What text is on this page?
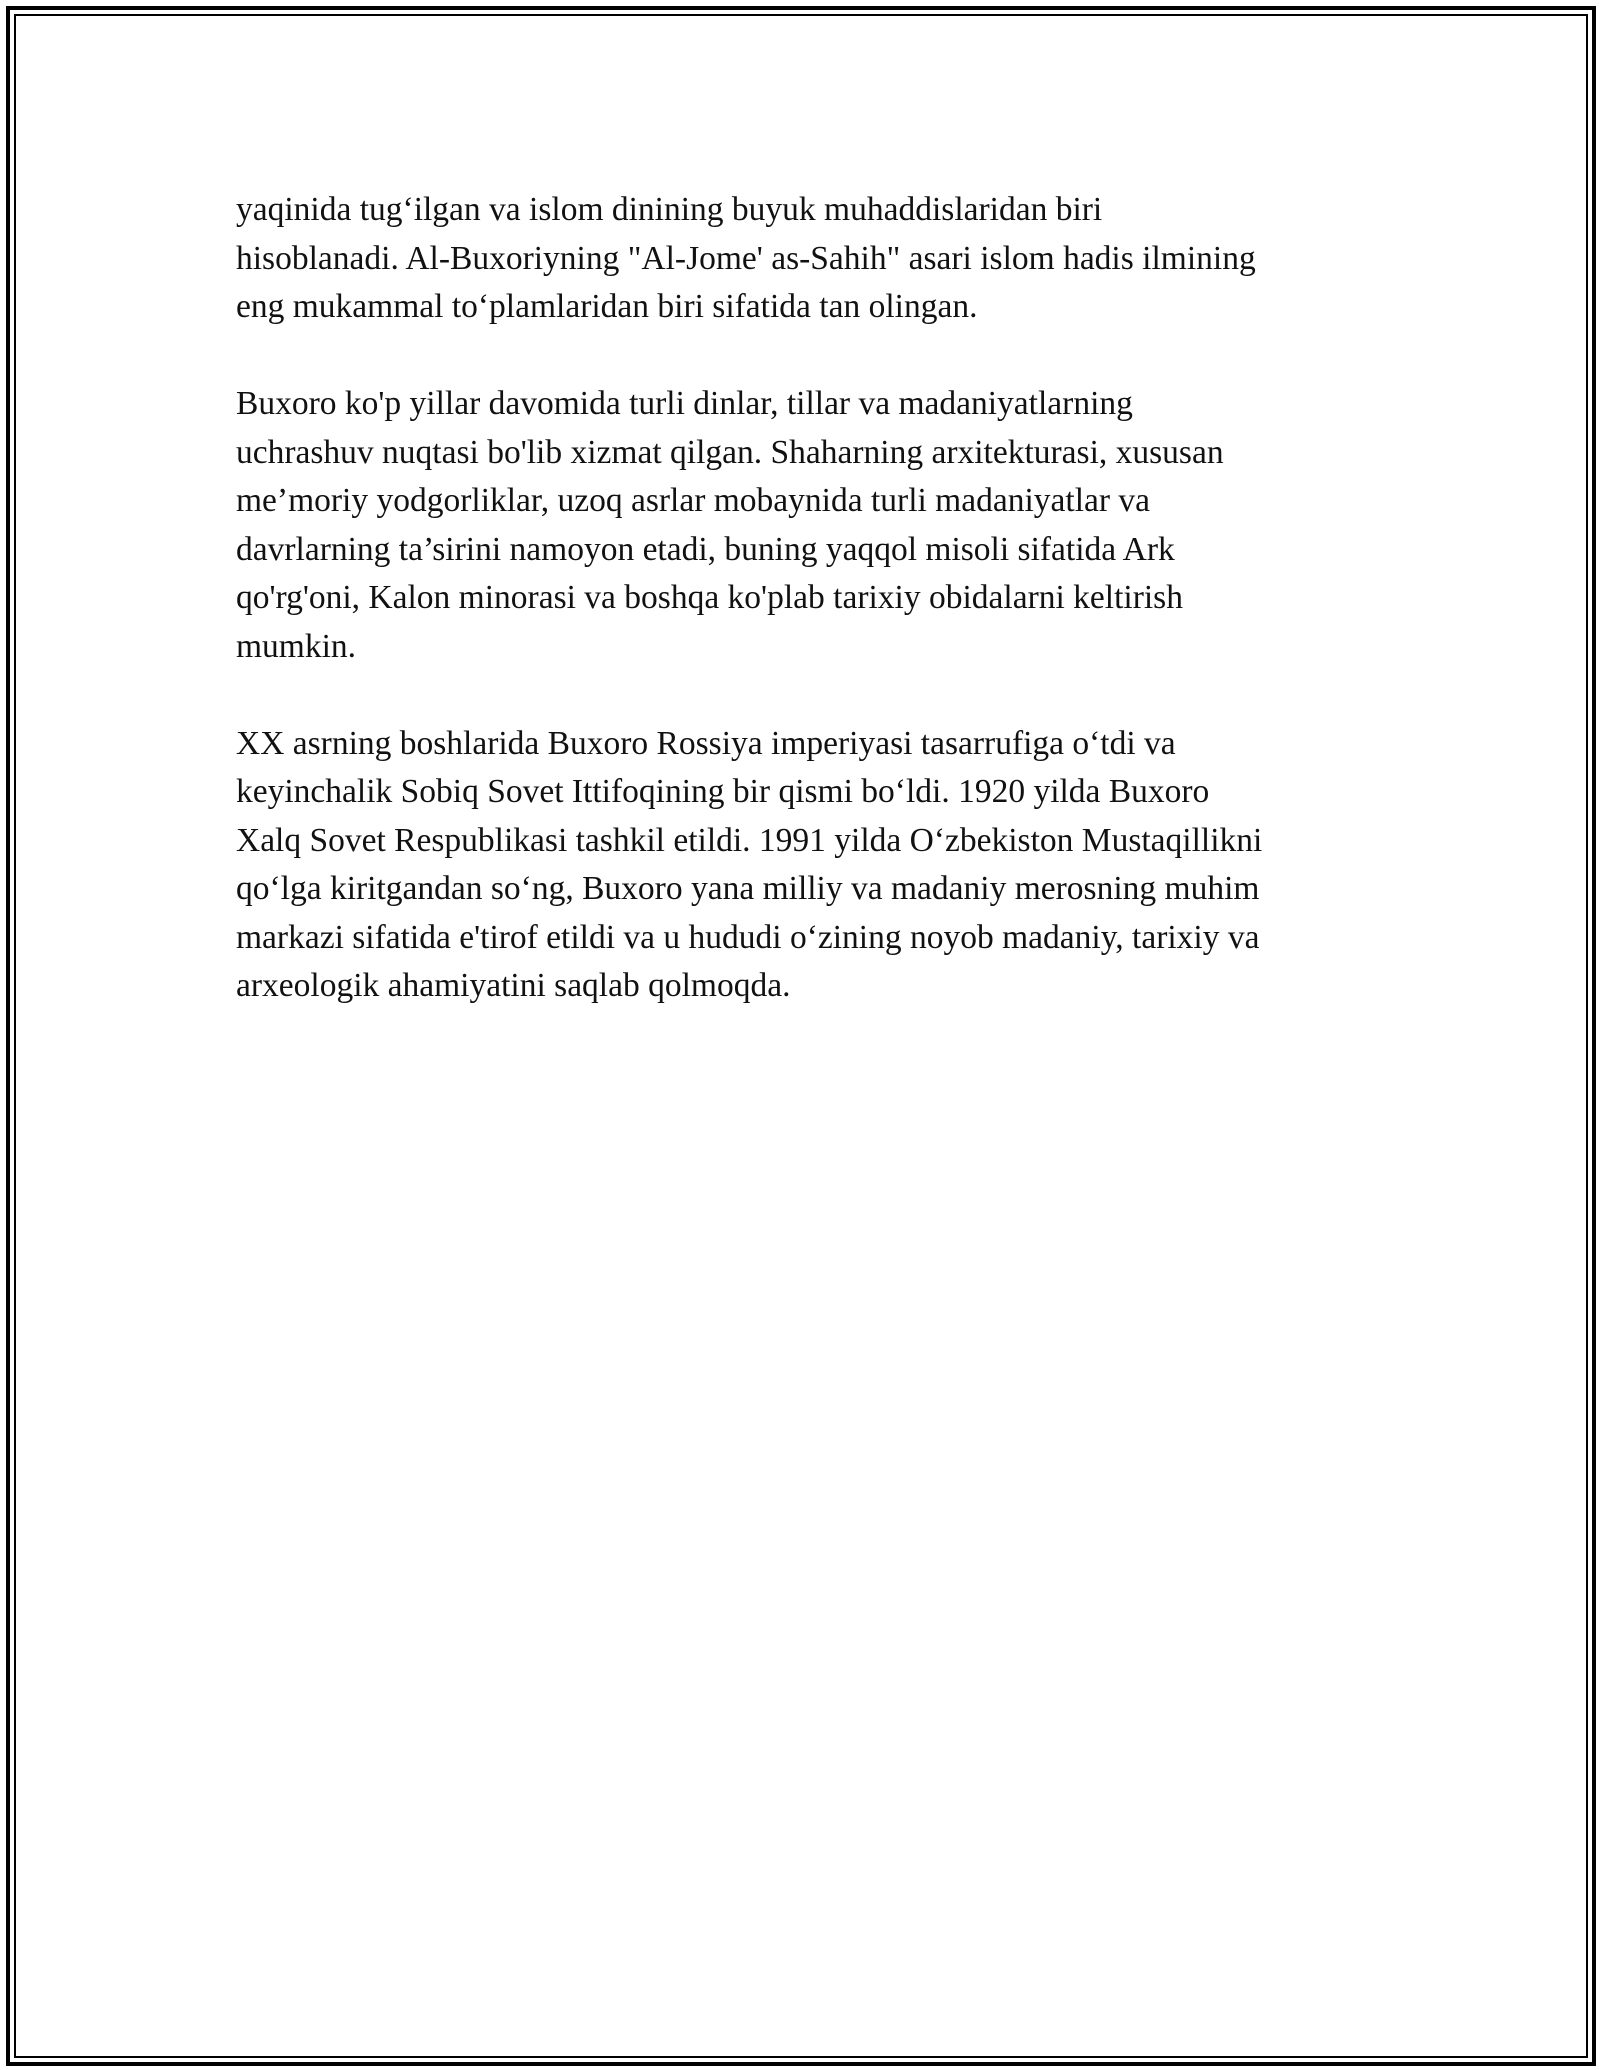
yaqinida tug‘ilgan va islom dinining buyuk muhaddislaridan biri
hisoblanadi. Al-Buxoriyning "Al-Jome' as-Sahih" asari islom hadis ilmining
eng mukammal to‘plamlaridan biri sifatida tan olingan.

Buxoro ko'p yillar davomida turli dinlar, tillar va madaniyatlarning
uchrashuv nuqtasi bo'lib xizmat qilgan. Shaharning arxitekturasi, xususan
me’moriy yodgorliklar, uzoq asrlar mobaynida turli madaniyatlar va
davrlarning ta’sirini namoyon etadi, buning yaqqol misoli sifatida Ark
qo'rg'oni, Kalon minorasi va boshqa ko'plab tarixiy obidalarni keltirish
mumkin.

XX asrning boshlarida Buxoro Rossiya imperiyasi tasarrufiga o‘tdi va
keyinchalik Sobiq Sovet Ittifoqining bir qismi bo‘ldi. 1920 yilda Buxoro
Xalq Sovet Respublikasi tashkil etildi. 1991 yilda O‘zbekiston Mustaqillikni
qo‘lga kiritgandan so‘ng, Buxoro yana milliy va madaniy merosning muhim
markazi sifatida e'tirof etildi va u hududi o‘zining noyob madaniy, tarixiy va
arxeologik ahamiyatini saqlab qolmoqda.
